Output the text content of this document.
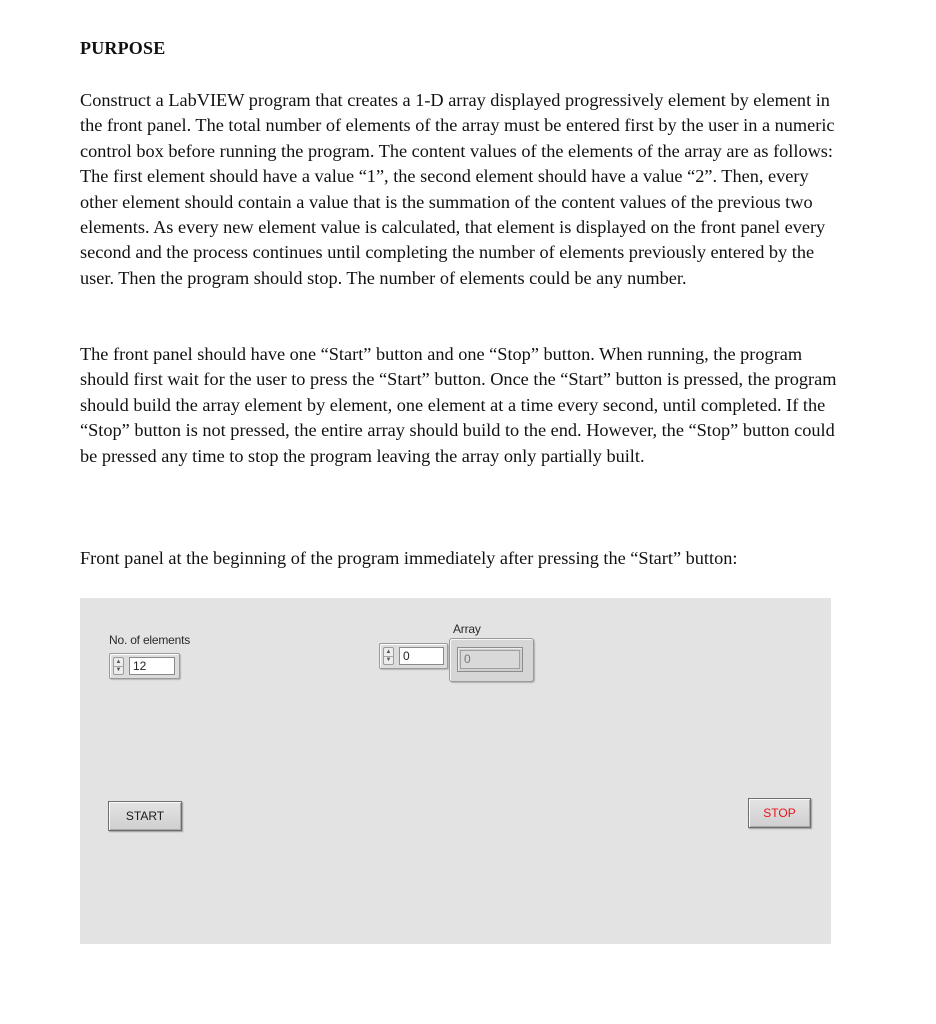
PURPOSE

Construct a LabVIEW program that creates a 1-D array displayed progressively element by element in the front panel. The total number of elements of the array must be entered first by the user in a numeric control box before running the program. The content values of the elements of the array are as follows: The first element should have a value “1”, the second element should have a value “2”. Then, every other element should contain a value that is the summation of the content values of the previous two elements. As every new element value is calculated, that element is displayed on the front panel every second and the process continues until completing the number of elements previously entered by the user. Then the program should stop. The number of elements could be any number.

The front panel should have one “Start” button and one “Stop” button. When running, the program should first wait for the user to press the “Start” button. Once the “Start” button is pressed, the program should build the array element by element, one element at a time every second, until completed. If the “Stop” button is not pressed, the entire array should build to the end. However, the “Stop” button could be pressed any time to stop the program leaving the array only partially built.

Front panel at the beginning of the program immediately after pressing the “Start” button:

No. of elements
▲
▼ 12
Array
▲
▼ 0	0
START	STOP
